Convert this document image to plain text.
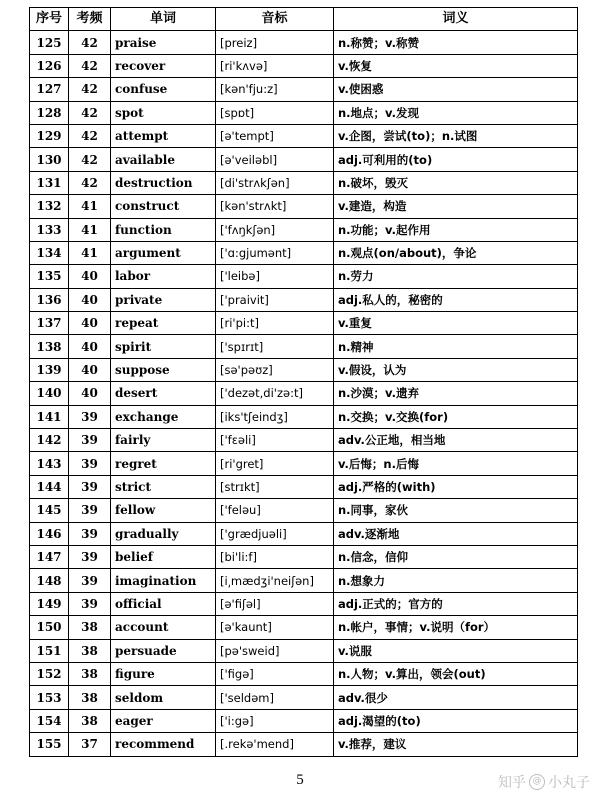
序号	考频	单词	音标	词义
125	42	praise	[preiz]	n.称赞；v.称赞
126	42	recover	[ri'kʌvə]	v.恢复
127	42	confuse	[kən'fju:z]	v.使困惑
128	42	spot	[spɒt]	n.地点；v.发现
129	42	attempt	[ə'tempt]	v.企图，尝试(to)；n.试图
130	42	available	[ə'veiləbl]	adj.可利用的(to)
131	42	destruction	[di'strʌkʃən]	n.破坏，毁灭
132	41	construct	[kən'strʌkt]	v.建造，构造
133	41	function	['fʌŋkʃən]	n.功能；v.起作用
134	41	argument	['ɑ:gjumənt]	n.观点(on/about)，争论
135	40	labor	['leibə]	n.劳力
136	40	private	['praivit]	adj.私人的，秘密的
137	40	repeat	[ri'pi:t]	v.重复
138	40	spirit	['spɪrɪt]	n.精神
139	40	suppose	[sə'pəʊz]	v.假设，认为
140	40	desert	['dezət,di'zə:t]	n.沙漠；v.遗弃
141	39	exchange	[iks'tʃeindʒ]	n.交换；v.交换(for)
142	39	fairly	['fεəli]	adv.公正地，相当地
143	39	regret	[ri'gret]	v.后悔；n.后悔
144	39	strict	[strɪkt]	adj.严格的(with)
145	39	fellow	['feləu]	n.同事，家伙
146	39	gradually	['grædjuəli]	adv.逐渐地
147	39	belief	[bi'li:f]	n.信念，信仰
148	39	imagination	[i͵mædʒi'neiʃən]	n.想象力
149	39	official	[ə'fiʃəl]	adj.正式的；官方的
150	38	account	[ə'kaunt]	n.帐户，事情；v.说明（for）
151	38	persuade	[pə'sweid]	v.说服
152	38	figure	['figə]	n.人物；v.算出，领会(out)
153	38	seldom	['seldəm]	adv.很少
154	38	eager	['i:gə]	adj.渴望的(to)
155	37	recommend	[.rekə'mend]	v.推荐，建议
5	知乎 @ 小丸子
